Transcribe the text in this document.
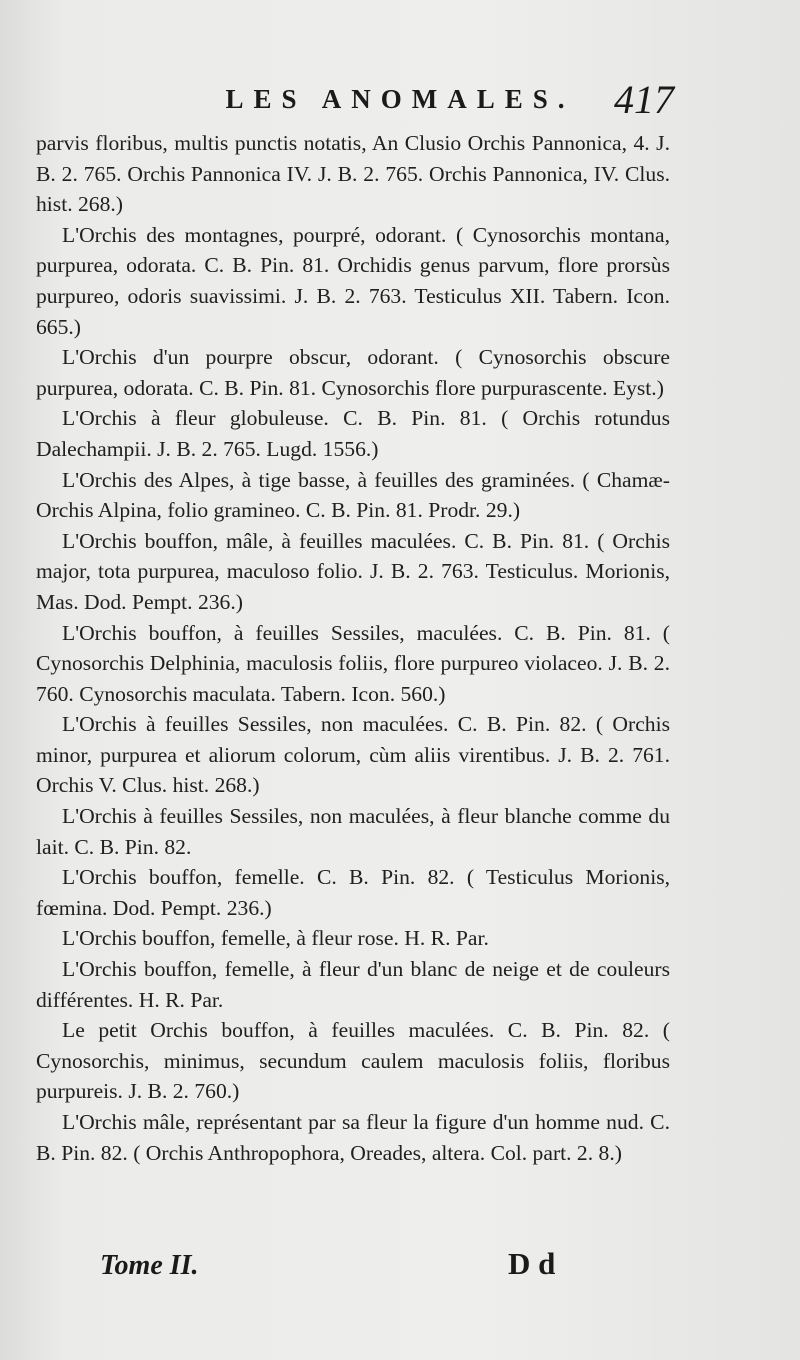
LES ANOMALES. 417

parvis floribus, multis punctis notatis, An Clusio Orchis Pannonica, 4. J. B. 2. 765. Orchis Pannonica IV. J. B. 2. 765. Orchis Pannonica, IV. Clus. hist. 268.)

L'Orchis des montagnes, pourpré, odorant. ( Cynosorchis montana, purpurea, odorata. C. B. Pin. 81. Orchidis genus parvum, flore prorsùs purpureo, odoris suavissimi. J. B. 2. 763. Testiculus XII. Tabern. Icon. 665.)

L'Orchis d'un pourpre obscur, odorant. ( Cynosorchis obscure purpurea, odorata. C. B. Pin. 81. Cynosorchis flore purpurascente. Eyst.)

L'Orchis à fleur globuleuse. C. B. Pin. 81. ( Orchis rotundus Dalechampii. J. B. 2. 765. Lugd. 1556.)

L'Orchis des Alpes, à tige basse, à feuilles des graminées. ( Chamæ-Orchis Alpina, folio gramineo. C. B. Pin. 81. Prodr. 29.)

L'Orchis bouffon, mâle, à feuilles maculées. C. B. Pin. 81. ( Orchis major, tota purpurea, maculoso folio. J. B. 2. 763. Testiculus. Morionis, Mas. Dod. Pempt. 236.)

L'Orchis bouffon, à feuilles Sessiles, maculées. C. B. Pin. 81. ( Cynosorchis Delphinia, maculosis foliis, flore purpureo violaceo. J. B. 2. 760. Cynosorchis maculata. Tabern. Icon. 560.)

L'Orchis à feuilles Sessiles, non maculées. C. B. Pin. 82. ( Orchis minor, purpurea et aliorum colorum, cùm aliis virentibus. J. B. 2. 761. Orchis V. Clus. hist. 268.)

L'Orchis à feuilles Sessiles, non maculées, à fleur blanche comme du lait. C. B. Pin. 82.

L'Orchis bouffon, femelle. C. B. Pin. 82. ( Testiculus Morionis, fœmina. Dod. Pempt. 236.)

L'Orchis bouffon, femelle, à fleur rose. H. R. Par.

L'Orchis bouffon, femelle, à fleur d'un blanc de neige et de couleurs différentes. H. R. Par.

Le petit Orchis bouffon, à feuilles maculées. C. B. Pin. 82. ( Cynosorchis, minimus, secundum caulem maculosis foliis, floribus purpureis. J. B. 2. 760.)

L'Orchis mâle, représentant par sa fleur la figure d'un homme nud. C. B. Pin. 82. ( Orchis Anthropophora, Oreades, altera. Col. part. 2. 8.)

Tome II.	D d
